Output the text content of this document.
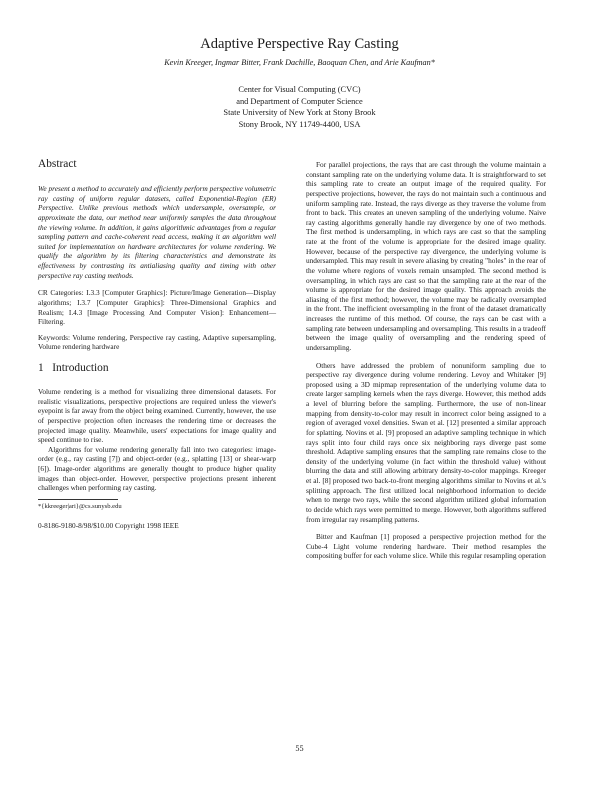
Adaptive Perspective Ray Casting
Kevin Kreeger, Ingmar Bitter, Frank Dachille, Baoquan Chen, and Arie Kaufman*
Center for Visual Computing (CVC)
and Department of Computer Science
State University of New York at Stony Brook
Stony Brook, NY 11749-4400, USA
Abstract

We present a method to accurately and efficiently perform perspective volumetric ray casting of uniform regular datasets, called Exponential-Region (ER) Perspective. Unlike previous methods which undersample, oversample, or approximate the data, our method near uniformly samples the data throughout the viewing volume. In addition, it gains algorithmic advantages from a regular sampling pattern and cache-coherent read access, making it an algorithm well suited for implementation on hardware architectures for volume rendering. We qualify the algorithm by its filtering characteristics and demonstrate its effectiveness by contrasting its antialiasing quality and timing with other perspective ray casting methods.

CR Categories: I.3.3 [Computer Graphics]: Picture/Image Generation—Display algorithms; I.3.7 [Computer Graphics]: Three-Dimensional Graphics and Realism; I.4.3 [Image Processing And Computer Vision]: Enhancement—Filtering.

Keywords: Volume rendering, Perspective ray casting, Adaptive supersampling, Volume rendering hardware

1 Introduction

Volume rendering is a method for visualizing three dimensional datasets. For realistic visualizations, perspective projections are required unless the viewer's eyepoint is far away from the object being examined. Currently, however, the use of perspective projection often increases the rendering time or decreases the projected image quality. Meanwhile, users' expectations for image quality and speed continue to rise.

Algorithms for volume rendering generally fall into two categories: image-order (e.g., ray casting [7]) and object-order (e.g., splatting [13] or shear-warp [6]). Image-order algorithms are generally thought to produce higher quality images than object-order. However, perspective projections present inherent challenges when performing ray casting.

*{kkreeger|ari}@cs.sunysb.edu

0-8186-9180-8/98/$10.00 Copyright 1998 IEEE

For parallel projections, the rays that are cast through the volume maintain a constant sampling rate on the underlying volume data. It is straightforward to set this sampling rate to create an output image of the required quality. For perspective projections, however, the rays do not maintain such a continuous and uniform sampling rate. Instead, the rays diverge as they traverse the volume from front to back. This creates an uneven sampling of the underlying volume. Naive ray casting algorithms generally handle ray divergence by one of two methods. The first method is undersampling, in which rays are cast so that the sampling rate at the front of the volume is appropriate for the desired image quality. However, because of the perspective ray divergence, the underlying volume is undersampled. This may result in severe aliasing by creating "holes" in the rear of the volume where regions of voxels remain unsampled. The second method is oversampling, in which rays are cast so that the sampling rate at the rear of the volume is appropriate for the desired image quality. This approach avoids the aliasing of the first method; however, the volume may be radically oversampled in the front. The inefficient oversampling in the front of the dataset dramatically increases the runtime of this method. Of course, the rays can be cast with a sampling rate between undersampling and oversampling. This results in a tradeoff between the image quality of oversampling and the rendering speed of undersampling.

Others have addressed the problem of nonuniform sampling due to perspective ray divergence during volume rendering. Levoy and Whitaker [9] proposed using a 3D mipmap representation of the underlying volume data to create larger sampling kernels when the rays diverge. However, this method adds a level of blurring before the sampling. Furthermore, the use of non-linear mapping from density-to-color may result in incorrect color being assigned to a region of averaged voxel densities. Swan et al. [12] presented a similar approach for splatting. Novins et al. [9] proposed an adaptive sampling technique in which rays split into four child rays once six neighboring rays diverge past some threshold. Adaptive sampling ensures that the sampling rate remains close to the density of the underlying volume (in fact within the threshold value) without blurring the data and still allowing arbitrary density-to-color mappings. Kreeger et al. [8] proposed two back-to-front merging algorithms similar to Novins et al.'s splitting approach. The first utilized local neighborhood information to decide when to merge two rays, while the second algorithm utilized global information to decide which rays were permitted to merge. However, both algorithms suffered from irregular ray resampling patterns.

Bitter and Kaufman [1] proposed a perspective projection method for the Cube-4 Light volume rendering hardware. Their method resamples the compositing buffer for each volume slice. While this regular resampling operation

55
